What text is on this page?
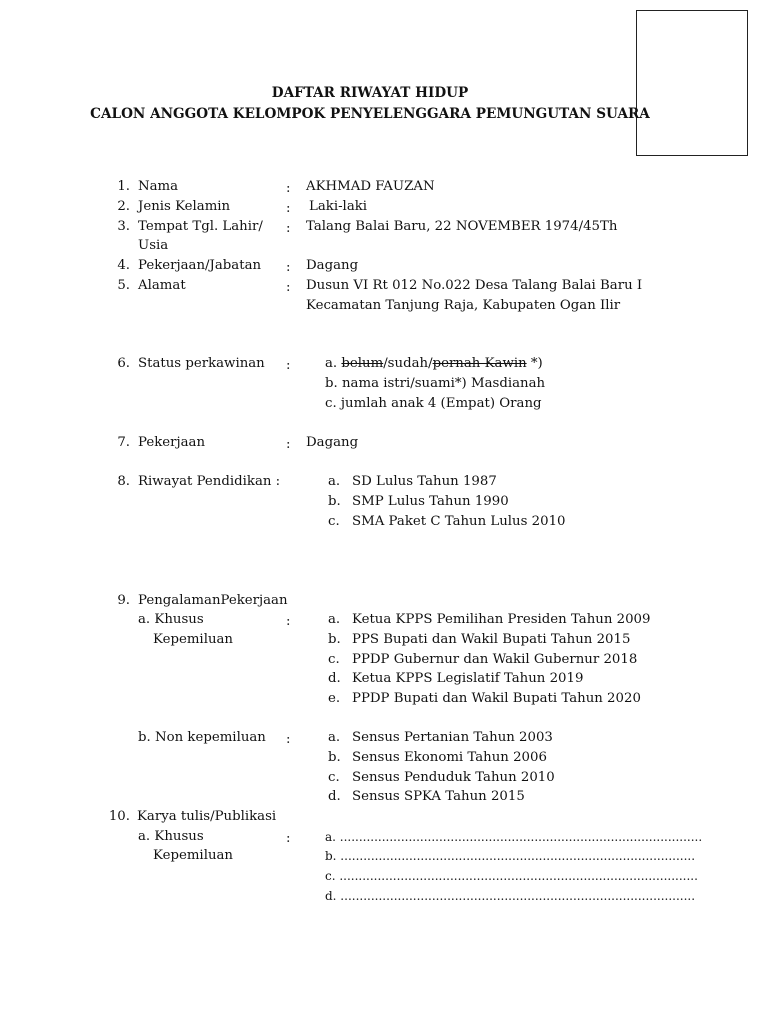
DAFTAR RIWAYAT HIDUP
CALON ANGGOTA KELOMPOK PENYELENGGARA PEMUNGUTAN SUARA
1. Nama	: AKHMAD FAUZAN
2. Jenis Kelamin	: Laki-laki
3. Tempat Tgl. Lahir/
Usia
: Talang Balai Baru, 22 NOVEMBER 1974/45Th
4. Pekerjaan/Jabatan : Dagang
5. Alamat	: Dusun VI Rt 012 No.022 Desa Talang Balai Baru I
Kecamatan Tanjung Raja, Kabupaten Ogan Ilir
6. Status perkawinan :	a. belum/sudah/pernah Kawin *)
b. nama istri/suami*) Masdianah
c. jumlah anak 4 (Empat) Orang
7. Pekerjaan	: Dagang
8. Riwayat Pendidikan :	a. SD Lulus Tahun 1987
b. SMP Lulus Tahun 1990
c. SMA Paket C Tahun Lulus 2010
9. PengalamanPekerjaan
a. Khusus
Kepemiluan
:	a. Ketua KPPS Pemilihan Presiden Tahun 2009
b. PPS Bupati dan Wakil Bupati Tahun 2015
c. PPDP Gubernur dan Wakil Gubernur 2018
d. Ketua KPPS Legislatif Tahun 2019
e. PPDP Bupati dan Wakil Bupati Tahun 2020
b. Non kepemiluan :	a. Sensus Pertanian Tahun 2003
b. Sensus Ekonomi Tahun 2006
c. Sensus Penduduk Tahun 2010
d. Sensus SPKA Tahun 2015
10. Karya tulis/Publikasi
a. Khusus
Kepemiluan
:	a. ...............................................................................................
b. .............................................................................................
c. ..............................................................................................
d. .............................................................................................
